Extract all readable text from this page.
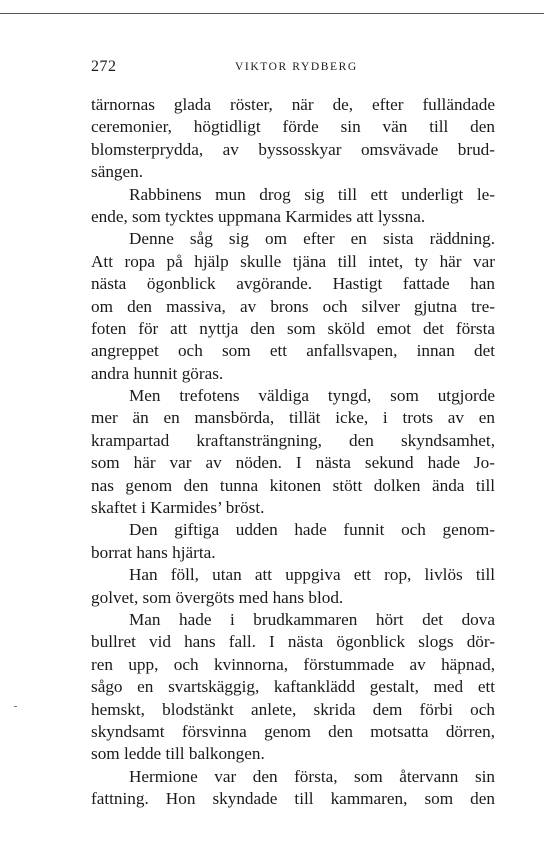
272	VIKTOR RYDBERG
tärnornas glada röster, när de, efter fulländade
ceremonier, högtidligt förde sin vän till den
blomsterprydda, av byssosskyar omsvävade brud-
sängen.
Rabbinens mun drog sig till ett underligt le-
ende, som tycktes uppmana Karmides att lyssna.
Denne såg sig om efter en sista räddning.
Att ropa på hjälp skulle tjäna till intet, ty här var
nästa ögonblick avgörande. Hastigt fattade han
om den massiva, av brons och silver gjutna tre-
foten för att nyttja den som sköld emot det första
angreppet och som ett anfallsvapen, innan det
andra hunnit göras.
Men trefotens väldiga tyngd, som utgjorde
mer än en mansbörda, tillät icke, i trots av en
krampartad kraftansträngning, den skyndsamhet,
som här var av nöden. I nästa sekund hade Jo-
nas genom den tunna kitonen stött dolken ända till
skaftet i Karmides’ bröst.
Den giftiga udden hade funnit och genom-
borrat hans hjärta.
Han föll, utan att uppgiva ett rop, livlös till
golvet, som övergöts med hans blod.
Man hade i brudkammaren hört det dova
bullret vid hans fall. I nästa ögonblick slogs dör-
ren upp, och kvinnorna, förstummade av häpnad,
sågo en svartskäggig, kaftanklädd gestalt, med ett
hemskt, blodstänkt anlete, skrida dem förbi och
skyndsamt försvinna genom den motsatta dörren,
som ledde till balkongen.
Hermione var den första, som återvann sin
fattning. Hon skyndade till kammaren, som den
